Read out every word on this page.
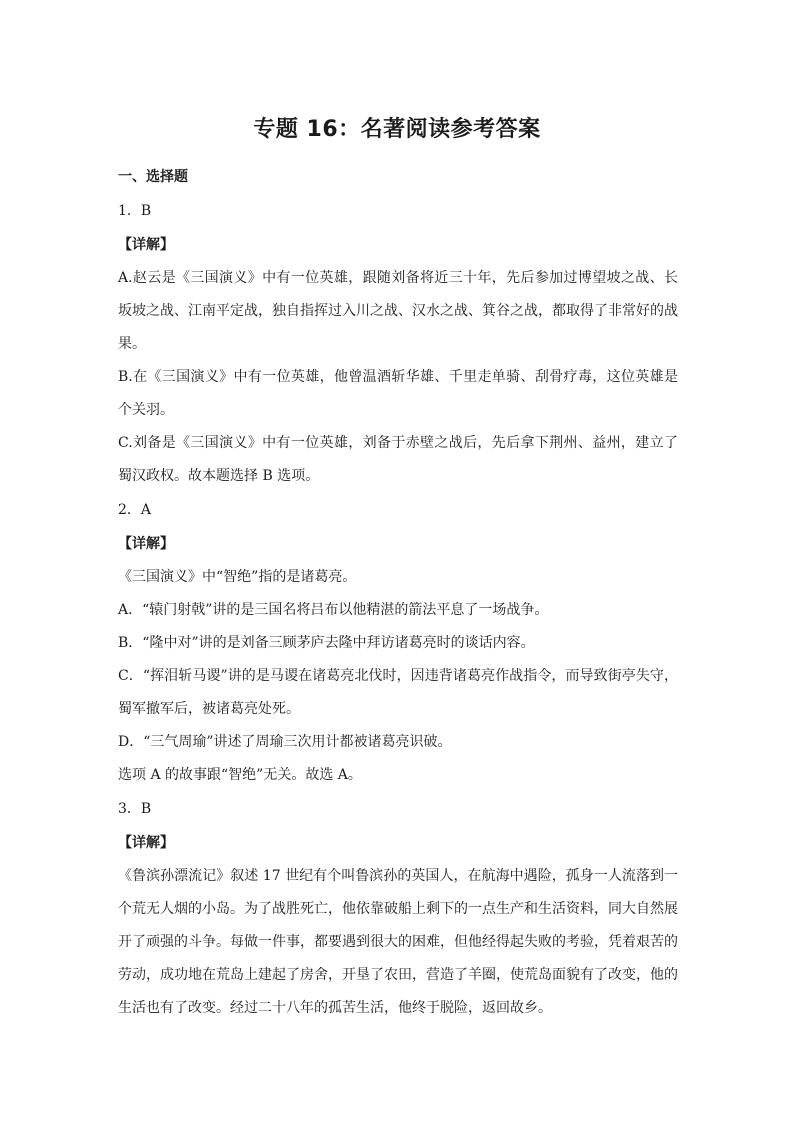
专题 16：名著阅读参考答案
一、选择题
1．B
【详解】
A.赵云是《三国演义》中有一位英雄，跟随刘备将近三十年，先后参加过博望坡之战、长坂坡之战、江南平定战，独自指挥过入川之战、汉水之战、箕谷之战，都取得了非常好的战果。
B.在《三国演义》中有一位英雄，他曾温酒斩华雄、千里走单骑、刮骨疗毒，这位英雄是个关羽。
C.刘备是《三国演义》中有一位英雄，刘备于赤壁之战后，先后拿下荆州、益州，建立了蜀汉政权。故本题选择 B 选项。
2．A
【详解】
《三国演义》中“智绝”指的是诸葛亮。
A．“辕门射戟”讲的是三国名将吕布以他精湛的箭法平息了一场战争。
B．“隆中对”讲的是刘备三顾茅庐去隆中拜访诸葛亮时的谈话内容。
C．“挥泪斩马谡”讲的是马谡在诸葛亮北伐时，因违背诸葛亮作战指令，而导致街亭失守，蜀军撤军后，被诸葛亮处死。
D．“三气周瑜”讲述了周瑜三次用计都被诸葛亮识破。
选项 A 的故事跟“智绝”无关。故选 A。
3．B
【详解】
《鲁滨孙漂流记》叙述 17 世纪有个叫鲁滨孙的英国人，在航海中遇险，孤身一人流落到一个荒无人烟的小岛。为了战胜死亡，他依靠破船上剩下的一点生产和生活资料，同大自然展开了顽强的斗争。每做一件事，都要遇到很大的困难，但他经得起失败的考验，凭着艰苦的劳动，成功地在荒岛上建起了房舍，开垦了农田，营造了羊圈，使荒岛面貌有了改变，他的生活也有了改变。经过二十八年的孤苦生活，他终于脱险，返回故乡。
